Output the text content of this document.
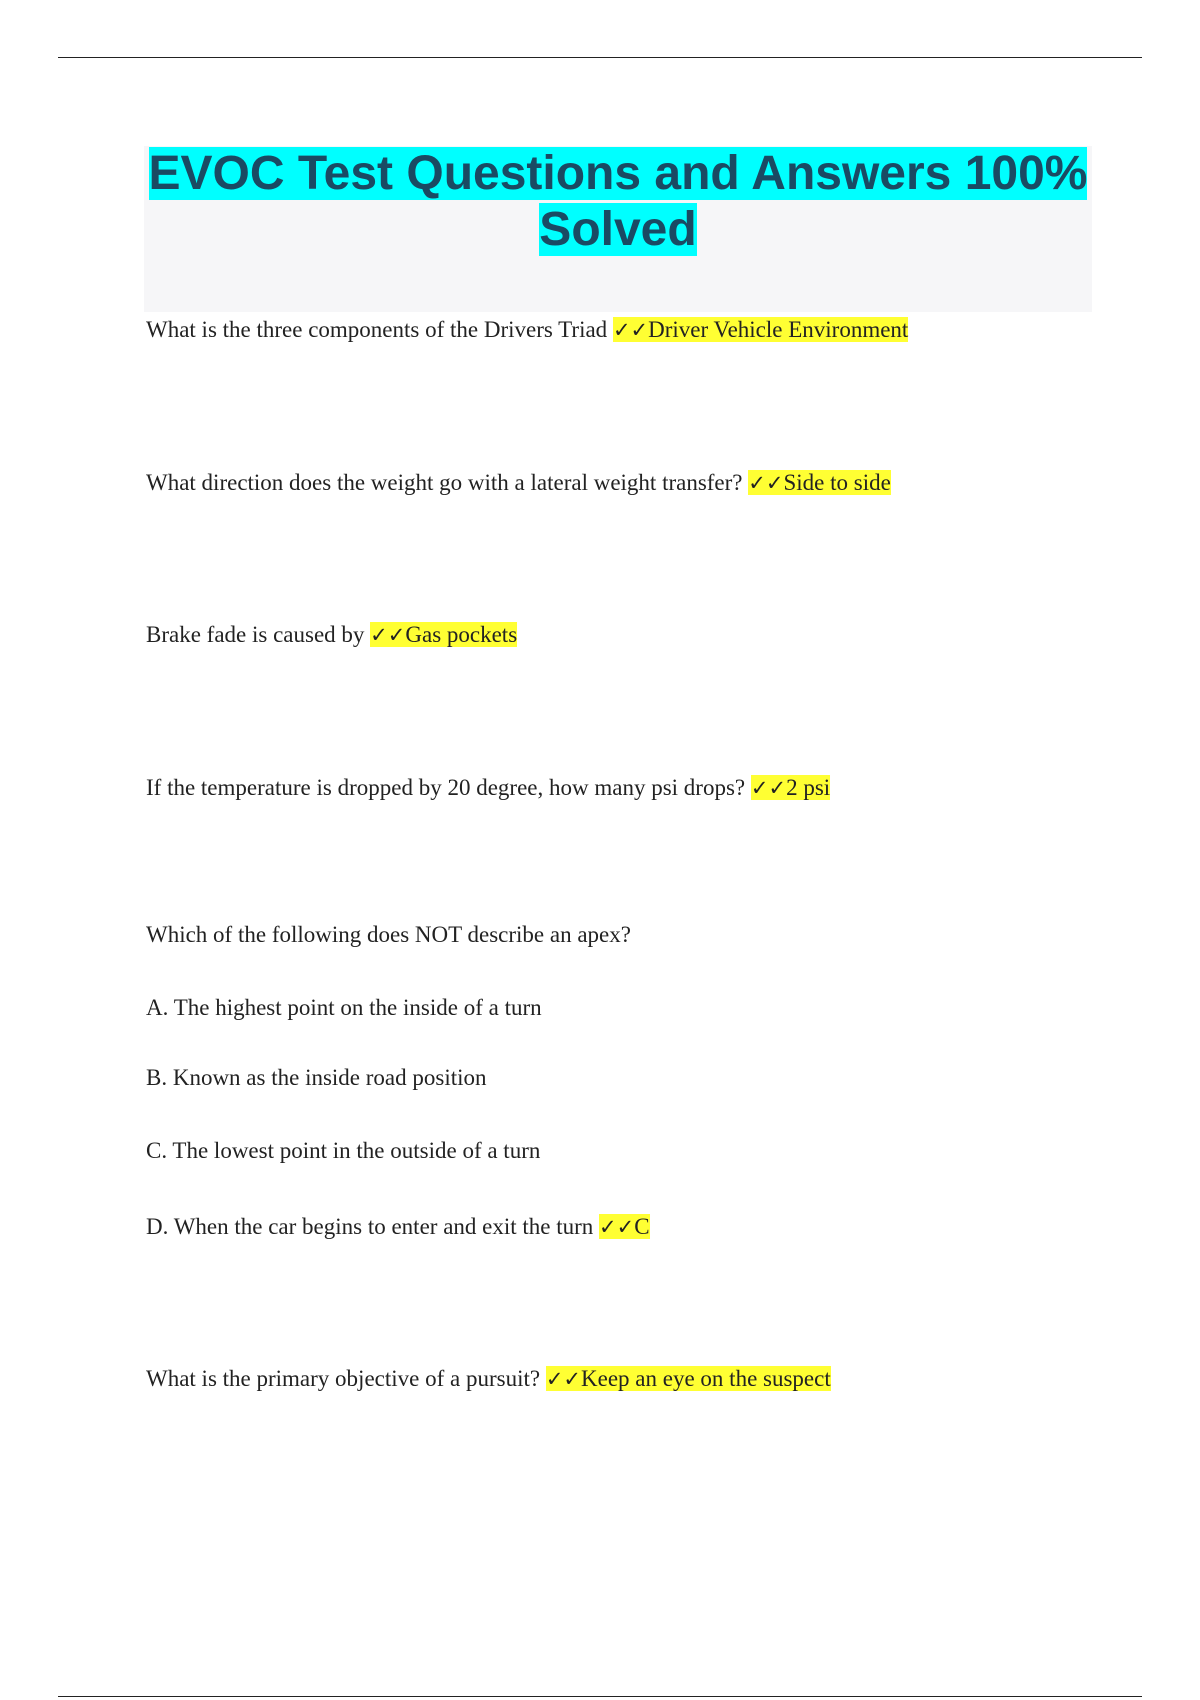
EVOC Test Questions and Answers 100% Solved

What is the three components of the Drivers Triad ✓✓Driver Vehicle Environment

What direction does the weight go with a lateral weight transfer? ✓✓Side to side

Brake fade is caused by ✓✓Gas pockets

If the temperature is dropped by 20 degree, how many psi drops? ✓✓2 psi

Which of the following does NOT describe an apex?

A. The highest point on the inside of a turn

B. Known as the inside road position

C. The lowest point in the outside of a turn

D. When the car begins to enter and exit the turn ✓✓C

What is the primary objective of a pursuit? ✓✓Keep an eye on the suspect
